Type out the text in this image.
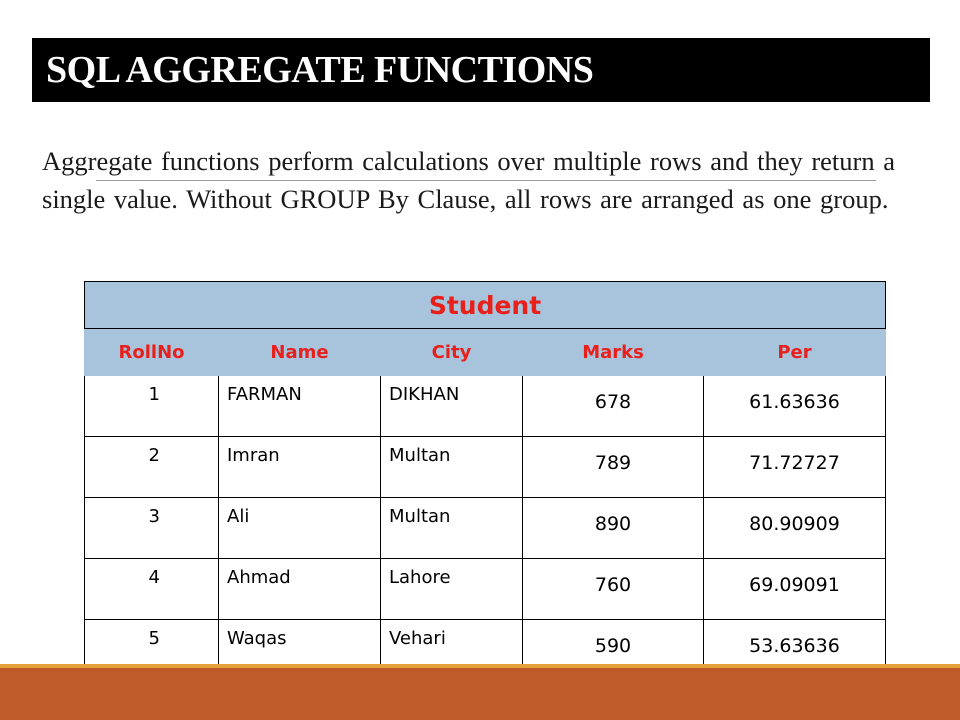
SQL AGGREGATE FUNCTIONS

Aggregate functions perform calculations over multiple rows and they return a single value. Without GROUP By Clause, all rows are arranged as one group.

Student				
RollNo	Name	City	Marks	Per
1	FARMAN	DIKHAN	678	61.63636
2	Imran	Multan	789	71.72727
3	Ali	Multan	890	80.90909
4	Ahmad	Lahore	760	69.09091
5	Waqas	Vehari	590	53.63636
